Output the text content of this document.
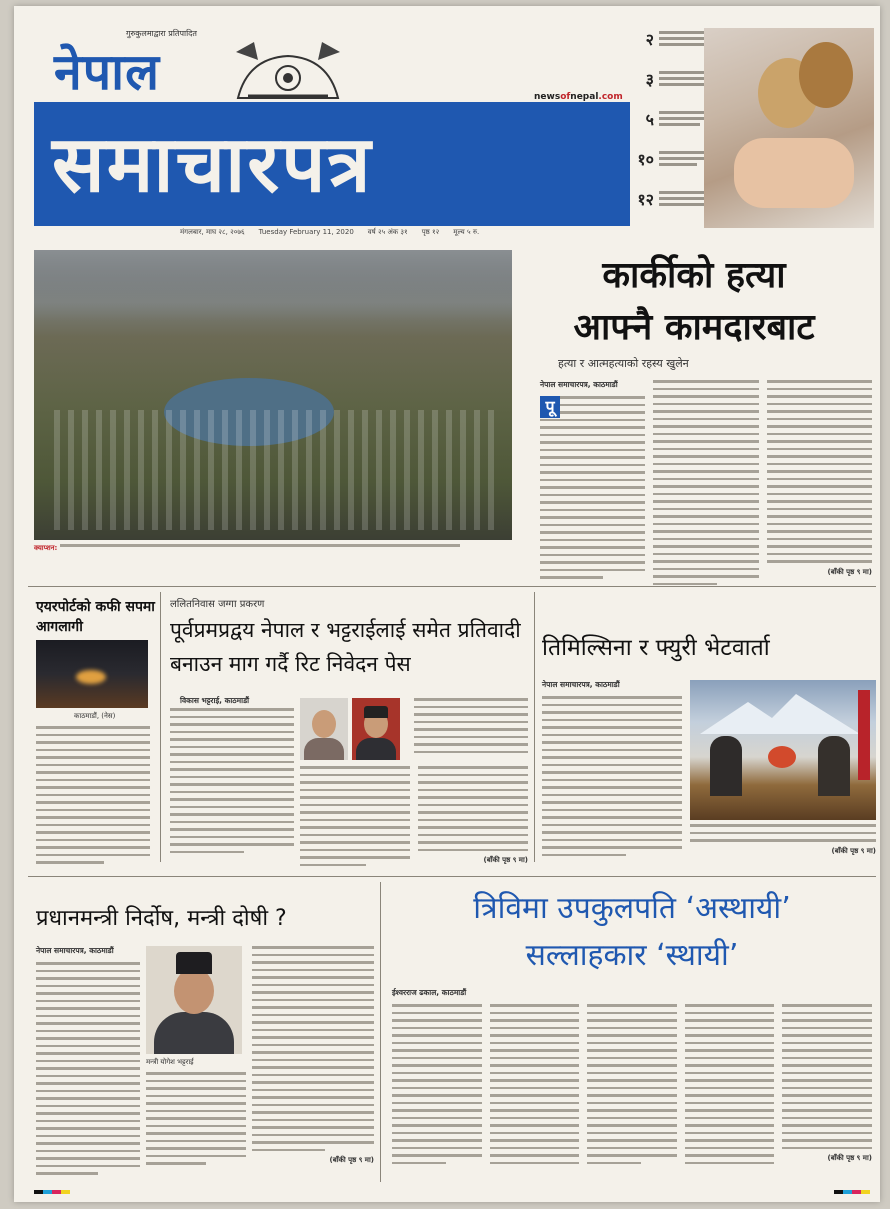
गुरुकुलमाद्वारा प्रतिपादित
नेपाल	newsofnepal.com
समाचारपत्र
मंगलबार, माघ २८, २०७६ Tuesday February 11, 2020 वर्ष २५ अंक ३१ पृष्ठ १२ मूल्य ५ रु.
२
३
५
१०
१२
क्याप्शन:
कार्कीको हत्या
आफ्नै कामदारबाट
हत्या र आत्महत्याको रहस्य खुलेन
नेपाल समाचारपत्र, काठमाडौं
पू
(बाँकी पृष्ठ ९ मा)
एयरपोर्टको कफी सपमा आगलागी
काठमाडौं, (नेस)
ललितनिवास जग्गा प्रकरण
पूर्वप्रमप्रद्वय नेपाल र भट्टराईलाई समेत प्रतिवादी बनाउन माग गर्दै रिट निवेदन पेस
विकास भट्टराई, काठमाडौं
(बाँकी पृष्ठ ९ मा)
तिमिल्सिना र फ्युरी भेटवार्ता
नेपाल समाचारपत्र, काठमाडौं
(बाँकी पृष्ठ ९ मा)
प्रधानमन्त्री निर्दोष, मन्त्री दोषी ?
नेपाल समाचारपत्र, काठमाडौं
मन्त्री योगेश भट्टराई
(बाँकी पृष्ठ ९ मा)
त्रिविमा उपकुलपति ‘अस्थायी’
सल्लाहकार ‘स्थायी’
ईश्वरराज ढकाल, काठमाडौं
(बाँकी पृष्ठ ९ मा)
